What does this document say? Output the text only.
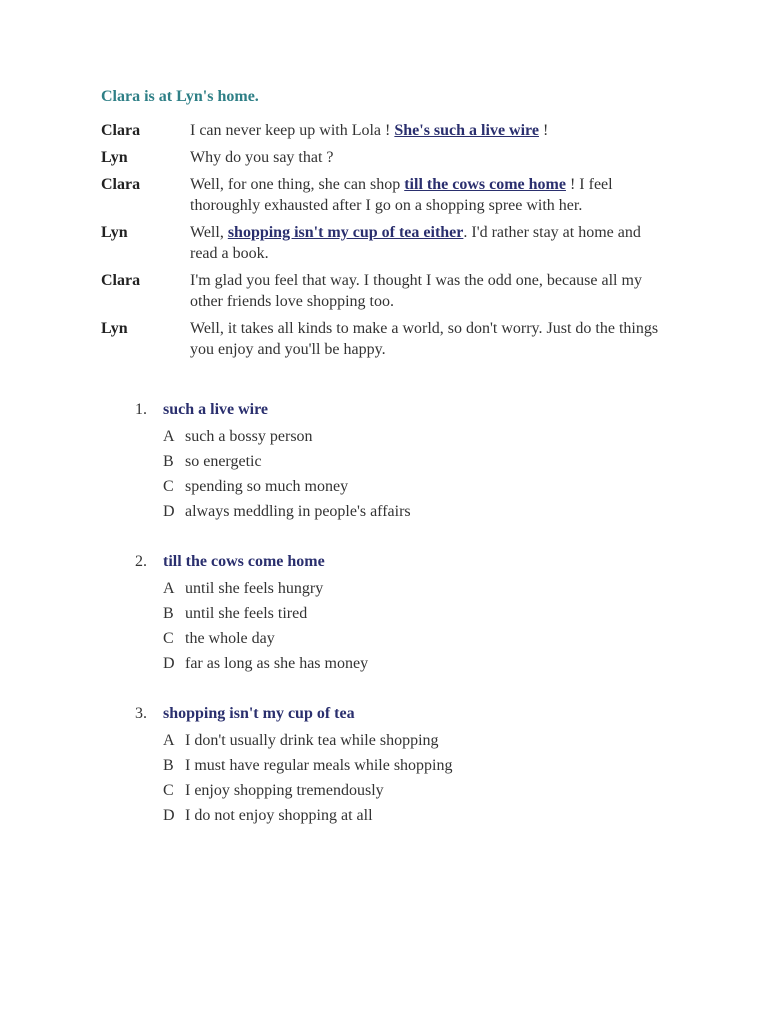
Clara is at Lyn's home.
Clara	I can never keep up with Lola ! She's such a live wire !
Lyn	Why do you say that ?
Clara	Well, for one thing, she can shop till the cows come home ! I feel thoroughly exhausted after I go on a shopping spree with her.
Lyn	Well, shopping isn't my cup of tea either. I'd rather stay at home and read a book.
Clara	I'm glad you feel that way. I thought I was the odd one, because all my other friends love shopping too.
Lyn	Well, it takes all kinds to make a world, so don't worry. Just do the things you enjoy and you'll be happy.
1.	such a live wire
A such a bossy person
B so energetic
C spending so much money
D always meddling in people's affairs
2.	till the cows come home
A until she feels hungry
B until she feels tired
C the whole day
D far as long as she has money
3.	shopping isn't my cup of tea
A I don't usually drink tea while shopping
B I must have regular meals while shopping
C I enjoy shopping tremendously
D I do not enjoy shopping at all
